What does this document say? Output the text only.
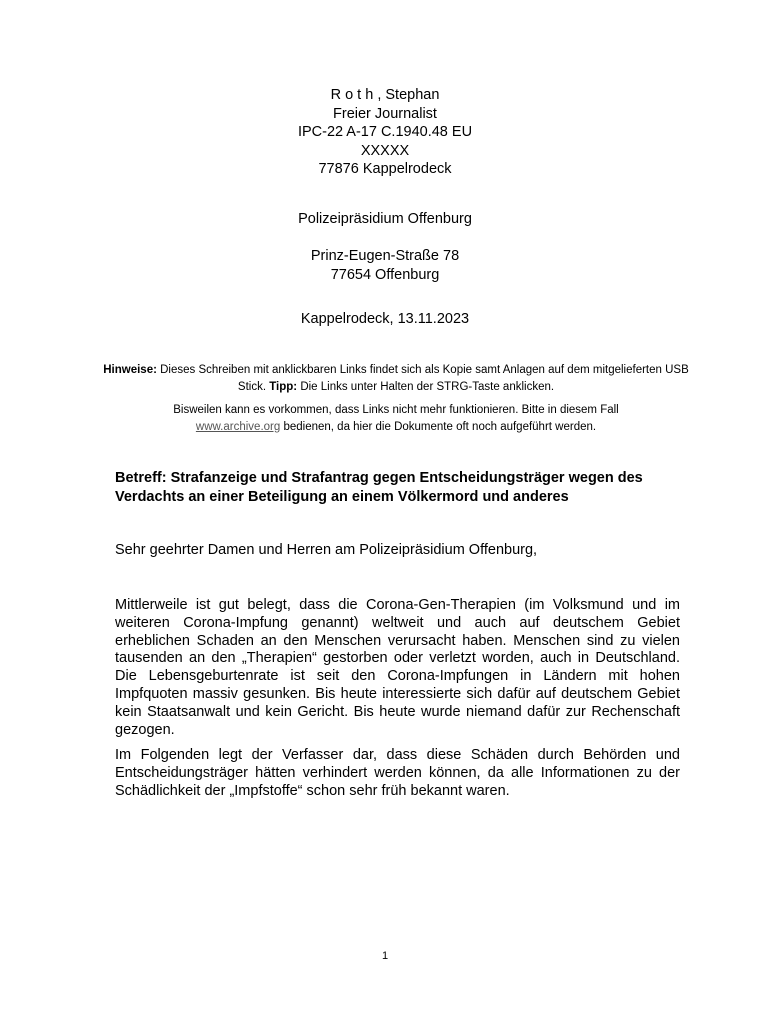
R o t h , Stephan
Freier Journalist
IPC-22 A-17 C.1940.48 EU
XXXXX
77876 Kappelrodeck
Polizeipräsidium Offenburg
Prinz-Eugen-Straße 78
77654 Offenburg
Kappelrodeck, 13.11.2023

Hinweise: Dieses Schreiben mit anklickbaren Links findet sich als Kopie samt Anlagen auf dem mitgelieferten USB Stick. Tipp: Die Links unter Halten der STRG-Taste anklicken.

Bisweilen kann es vorkommen, dass Links nicht mehr funktionieren. Bitte in diesem Fall
www.archive.org bedienen, da hier die Dokumente oft noch aufgeführt werden.

Betreff: Strafanzeige und Strafantrag gegen Entscheidungsträger wegen des Verdachts an einer Beteiligung an einem Völkermord und anderes
Sehr geehrter Damen und Herren am Polizeipräsidium Offenburg,

Mittlerweile ist gut belegt, dass die Corona-Gen-Therapien (im Volksmund und im weiteren Corona-Impfung genannt) weltweit und auch auf deutschem Gebiet erheblichen Schaden an den Menschen verursacht haben. Menschen sind zu vielen tausenden an den „Therapien“ gestorben oder verletzt worden, auch in Deutschland. Die Lebensgeburtenrate ist seit den Corona-Impfungen in Ländern mit hohen Impfquoten massiv gesunken. Bis heute interessierte sich dafür auf deutschem Gebiet kein Staatsanwalt und kein Gericht. Bis heute wurde niemand dafür zur Rechenschaft gezogen.

Im Folgenden legt der Verfasser dar, dass diese Schäden durch Behörden und Entscheidungsträger hätten verhindert werden können, da alle Informationen zu der Schädlichkeit der „Impfstoffe“ schon sehr früh bekannt waren.

1
